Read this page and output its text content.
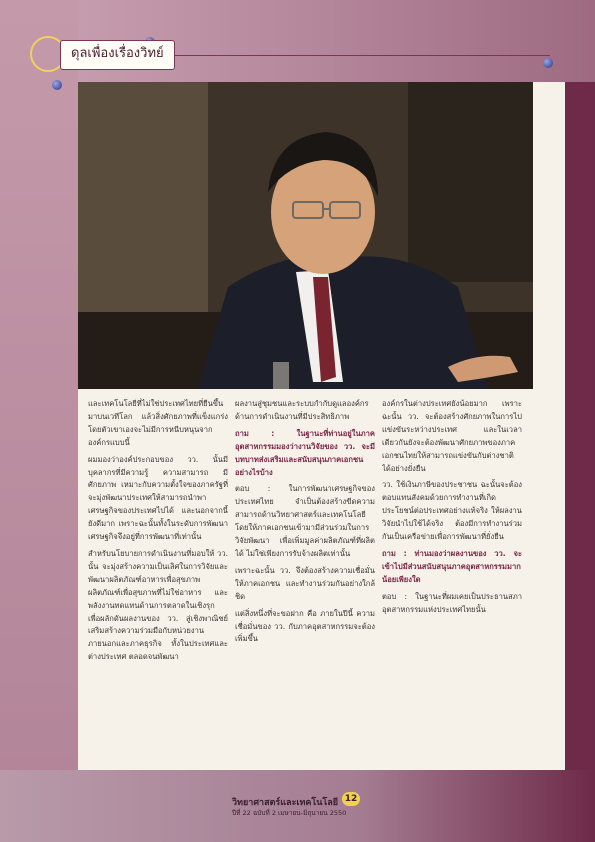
ดุลเพื่องเรื่องวิทย์

และเทคโนโลยีที่ไม่ใช่ประเทศไทยที่ยืนขึ้นมาบนเวทีโลก แล้วสิ่งศักยภาพที่แข็งแกร่งโดยตัวเขาเองจะไม่มีการหนีบหนุนจากองค์กรแบบนี้

ผมมองว่าองค์ประกอบของ วว. นั้นมีบุคลากรที่มีความรู้ ความสามารถ มีศักยภาพ เหมาะกับความตั้งใจของภาครัฐที่จะมุ่งพัฒนาประเทศให้สามารถนำพาเศรษฐกิจของประเทศไปได้ และนอกจากนี้ยังดีมาก เพราะฉะนั้นทั้งในระดับการพัฒนาเศรษฐกิจจึงอยู่ที่การพัฒนาที่เท่านั้น

สำหรับนโยบายการดำเนินงานที่มอบให้ วว. นั้น จะมุ่งสร้างความเป็นเลิศในการวิจัยและพัฒนาผลิตภัณฑ์อาหารเพื่อสุขภาพ ผลิตภัณฑ์เพื่อสุขภาพที่ไม่ใช่อาหาร และพลังงานทดแทนด้านการตลาดในเชิงรุก เพื่อผลักดันผลงานของ วว. สู่เชิงพาณิชย์ เสริมสร้างความร่วมมือกับหน่วยงานภายนอกและภาคธุรกิจ ทั้งในประเทศและต่างประเทศ ตลอดจนพัฒนา

ผลงานสู่ชุมชนและระบบกำกับดูแลองค์กรด้านการดำเนินงานที่มีประสิทธิภาพ

ถาม : ในฐานะที่ท่านอยู่ในภาคอุตสาหกรรมมองว่างานวิจัยของ วว. จะมีบทบาทส่งเสริมและสนับสนุนภาคเอกชนอย่างไรบ้าง

ตอบ : ในการพัฒนาเศรษฐกิจของประเทศไทย จำเป็นต้องสร้างขีดความสามารถด้านวิทยาศาสตร์และเทคโนโลยี โดยให้ภาคเอกชนเข้ามามีส่วนร่วมในการวิจัยพัฒนา เพื่อเพิ่มมูลค่าผลิตภัณฑ์ที่ผลิตได้ ไม่ใช่เพียงการรับจ้างผลิตเท่านั้น

เพราะฉะนั้น วว. จึงต้องสร้างความเชื่อมั่นให้ภาคเอกชน และทำงานร่วมกันอย่างใกล้ชิด

แต่สิ่งหนึ่งที่จะขอฝาก คือ ภายในปีนี้ ความเชื่อมั่นของ วว. กับภาคอุตสาหกรรมจะต้องเพิ่มขึ้น

องค์กรในต่างประเทศยังน้อยมาก เพราะฉะนั้น วว. จะต้องสร้างศักยภาพในการไปแข่งขันระหว่างประเทศ และในเวลาเดียวกันยังจะต้องพัฒนาศักยภาพของภาคเอกชนไทยให้สามารถแข่งขันกับต่างชาติได้อย่างยั่งยืน

วว. ใช้เงินภาษีของประชาชน ฉะนั้นจะต้องตอบแทนสังคมด้วยการทำงานที่เกิดประโยชน์ต่อประเทศอย่างแท้จริง ให้ผลงานวิจัยนำไปใช้ได้จริง ต้องมีการทำงานร่วมกันเป็นเครือข่ายเพื่อการพัฒนาที่ยั่งยืน

ถาม : ท่านมองว่าผลงานของ วว. จะเข้าไปมีส่วนสนับสนุนภาคอุตสาหกรรมมากน้อยเพียงใด

ตอบ : ในฐานะที่ผมเคยเป็นประธานสภาอุตสาหกรรมแห่งประเทศไทยนั้น

วิทยาศาสตร์และเทคโนโลยี 12
ปีที่ 22 ฉบับที่ 2 เมษายน-มิถุนายน 2550
